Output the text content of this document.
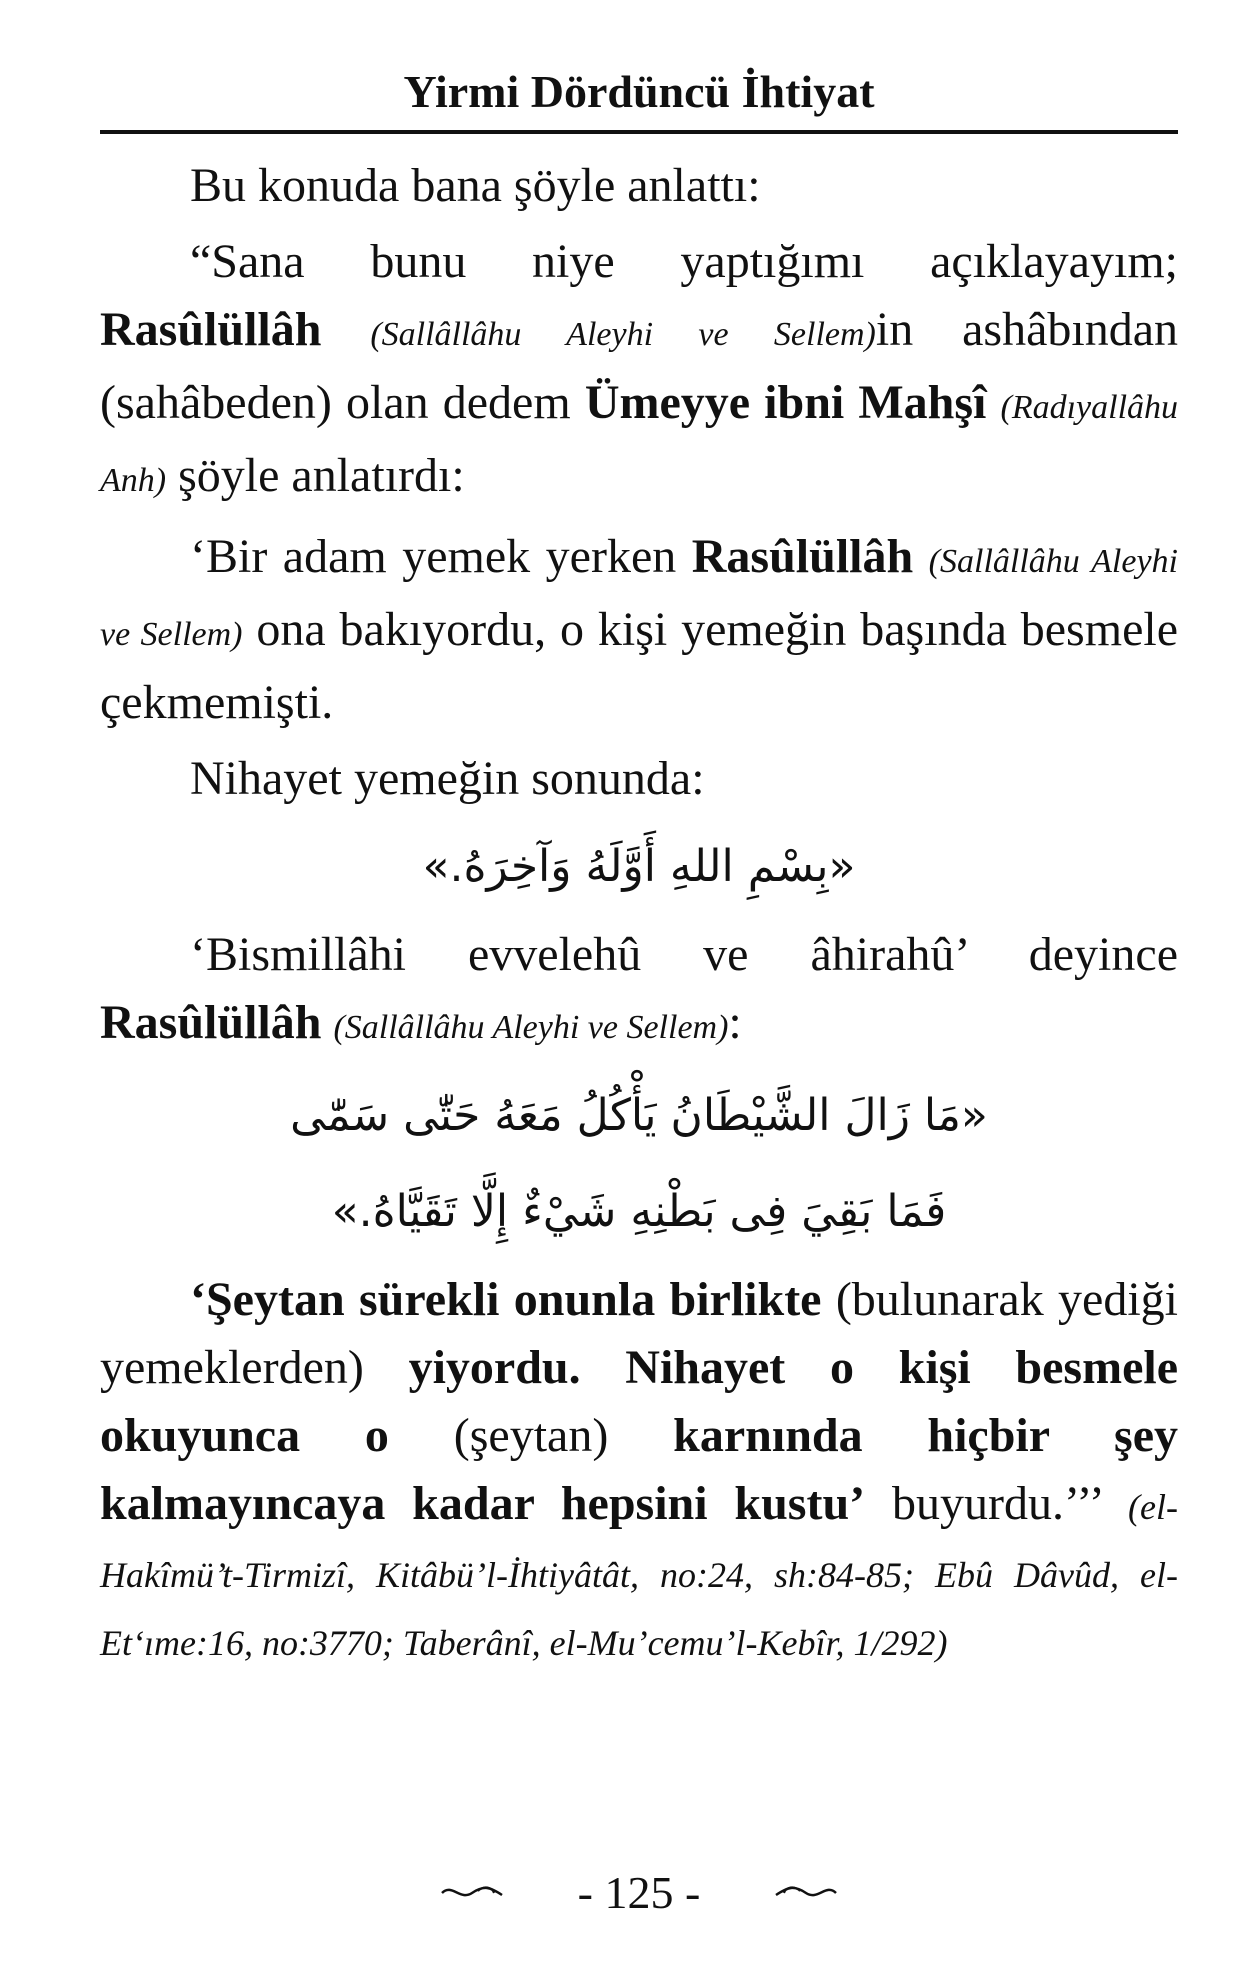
Yirmi Dördüncü İhtiyat

Bu konuda bana şöyle anlattı:

“Sana bunu niye yaptığımı açıklayayım; Rasûlüllâh (Sallâllâhu Aleyhi ve Sellem)in ashâbından (sahâbeden) olan dedem Ümeyye ibni Mahşî (Radıyallâhu Anh) şöyle anlatırdı:

‘Bir adam yemek yerken Rasûlüllâh (Sallâllâhu Aleyhi ve Sellem) ona bakıyordu, o kişi yemeğin başında besmele çekmemişti.

Nihayet yemeğin sonunda:

«بِسْمِ اللهِ أَوَّلَهُ وَآخِرَهُ.»

‘Bismillâhi evvelehû ve âhirahû’ deyince Rasûlüllâh (Sallâllâhu Aleyhi ve Sellem):

«مَا زَالَ الشَّيْطَانُ يَأْكُلُ مَعَهُ حَتّٰى سَمّٰى
فَمَا بَقِيَ فِى بَطْنِهِ شَيْءٌ إِلَّا تَقَيَّاهُ.»

‘Şeytan sürekli onunla birlikte (bulunarak yediği yemeklerden) yiyordu. Nihayet o kişi besmele okuyunca o (şeytan) karnında hiçbir şey kalmayıncaya kadar hepsini kustu’ buyurdu.’’’ (el-Hakîmü’t-Tirmizî, Kitâbü’l-İhtiyâtât, no:24, sh:84-85; Ebû Dâvûd, el-Et‘ıme:16, no:3770; Taberânî, el-Mu’cemu’l-Kebîr, 1/292)

- 125 -
